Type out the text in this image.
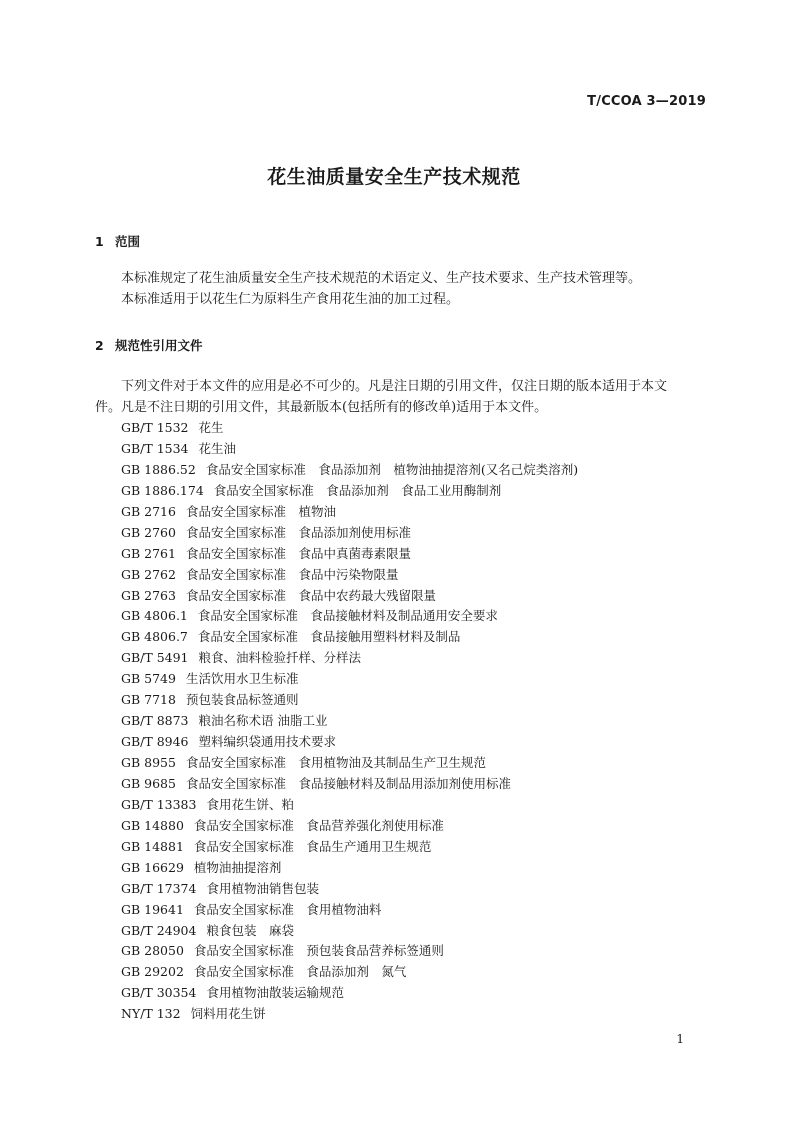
T/CCOA 3—2019
花生油质量安全生产技术规范
1 范围
本标准规定了花生油质量安全生产技术规范的术语定义、生产技术要求、生产技术管理等。
本标准适用于以花生仁为原料生产食用花生油的加工过程。
2 规范性引用文件
下列文件对于本文件的应用是必不可少的。凡是注日期的引用文件，仅注日期的版本适用于本文
件。凡是不注日期的引用文件，其最新版本(包括所有的修改单)适用于本文件。
GB/T 1532 花生
GB/T 1534 花生油
GB 1886.52 食品安全国家标准　食品添加剂　植物油抽提溶剂(又名己烷类溶剂)
GB 1886.174 食品安全国家标准　食品添加剂　食品工业用酶制剂
GB 2716 食品安全国家标准　植物油
GB 2760 食品安全国家标准　食品添加剂使用标准
GB 2761 食品安全国家标准　食品中真菌毒素限量
GB 2762 食品安全国家标准　食品中污染物限量
GB 2763 食品安全国家标准　食品中农药最大残留限量
GB 4806.1 食品安全国家标准　食品接触材料及制品通用安全要求
GB 4806.7 食品安全国家标准　食品接触用塑料材料及制品
GB/T 5491 粮食、油料检验扦样、分样法
GB 5749 生活饮用水卫生标准
GB 7718 预包装食品标签通则
GB/T 8873 粮油名称术语 油脂工业
GB/T 8946 塑料编织袋通用技术要求
GB 8955 食品安全国家标准　食用植物油及其制品生产卫生规范
GB 9685 食品安全国家标准　食品接触材料及制品用添加剂使用标准
GB/T 13383 食用花生饼、粕
GB 14880 食品安全国家标准　食品营养强化剂使用标准
GB 14881 食品安全国家标准　食品生产通用卫生规范
GB 16629 植物油抽提溶剂
GB/T 17374 食用植物油销售包装
GB 19641 食品安全国家标准　食用植物油料
GB/T 24904 粮食包装　麻袋
GB 28050 食品安全国家标准　预包装食品营养标签通则
GB 29202 食品安全国家标准　食品添加剂　氮气
GB/T 30354 食用植物油散装运输规范
NY/T 132 饲料用花生饼
1
